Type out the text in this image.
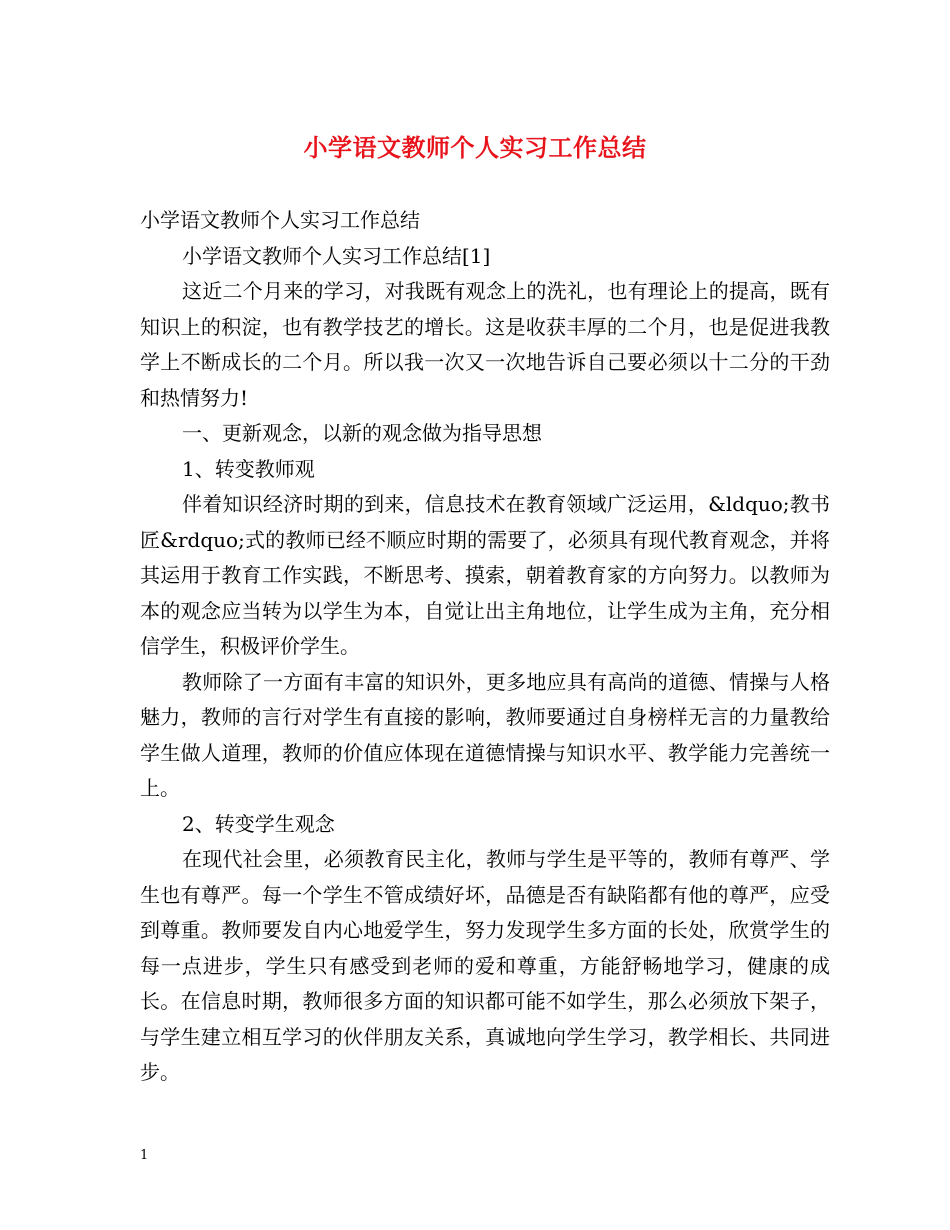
小学语文教师个人实习工作总结

小学语文教师个人实习工作总结

小学语文教师个人实习工作总结[1]

这近二个月来的学习，对我既有观念上的洗礼，也有理论上的提高，既有知识上的积淀，也有教学技艺的增长。这是收获丰厚的二个月，也是促进我教学上不断成长的二个月。所以我一次又一次地告诉自己要必须以十二分的干劲和热情努力!

一、更新观念，以新的观念做为指导思想

1、转变教师观

伴着知识经济时期的到来，信息技术在教育领域广泛运用，&ldquo;教书匠&rdquo;式的教师已经不顺应时期的需要了，必须具有现代教育观念，并将其运用于教育工作实践，不断思考、摸索，朝着教育家的方向努力。以教师为本的观念应当转为以学生为本，自觉让出主角地位，让学生成为主角，充分相信学生，积极评价学生。

教师除了一方面有丰富的知识外，更多地应具有高尚的道德、情操与人格魅力，教师的言行对学生有直接的影响，教师要通过自身榜样无言的力量教给学生做人道理，教师的价值应体现在道德情操与知识水平、教学能力完善统一上。

2、转变学生观念

在现代社会里，必须教育民主化，教师与学生是平等的，教师有尊严、学生也有尊严。每一个学生不管成绩好坏，品德是否有缺陷都有他的尊严，应受到尊重。教师要发自内心地爱学生，努力发现学生多方面的长处，欣赏学生的每一点进步，学生只有感受到老师的爱和尊重，方能舒畅地学习，健康的成长。在信息时期，教师很多方面的知识都可能不如学生，那么必须放下架子，与学生建立相互学习的伙伴朋友关系，真诚地向学生学习，教学相长、共同进步。

1
